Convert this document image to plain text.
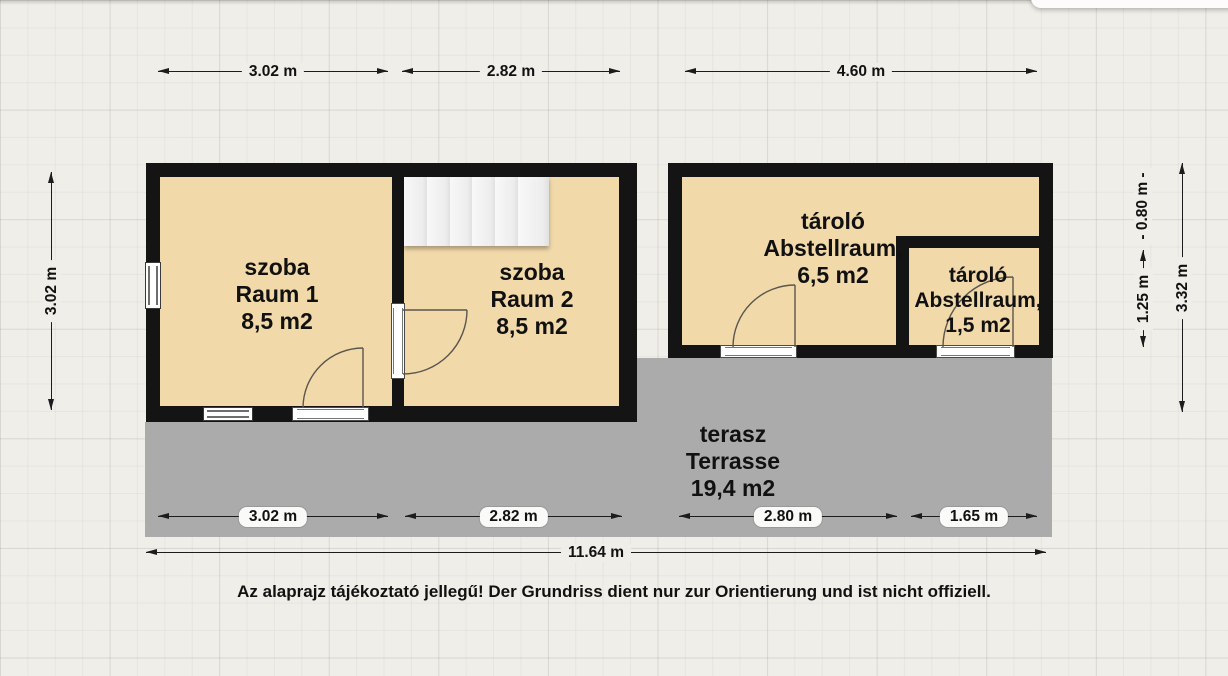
szoba
Raum 1
8,5 m2
szoba
Raum 2
8,5 m2
tároló
Abstellraum,
6,5 m2	tároló
Abstellraum,
1,5 m2
terasz
Terrasse
19,4 m2
3.02 m	2.82 m	4.60 m
3.02 m	2.82 m	2.80 m	1.65 m
11.64 m
3.02 m
- 0.80 m -
1.25 m 3.32 m
Az alaprajz tájékoztató jellegű! Der Grundriss dient nur zur Orientierung und ist nicht offiziell.
